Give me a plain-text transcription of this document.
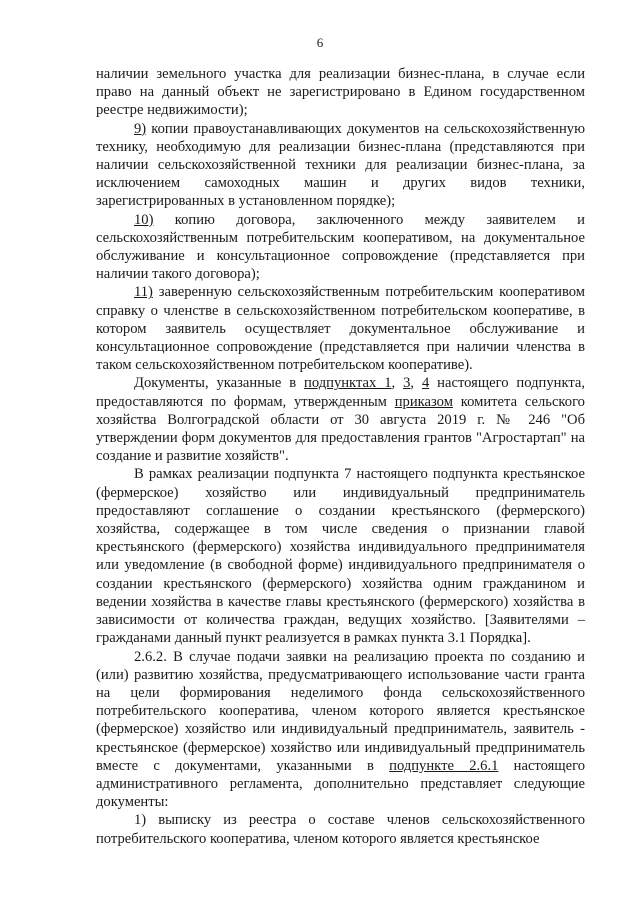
6

наличии земельного участка для реализации бизнес-плана, в случае если право на данный объект не зарегистрировано в Едином государственном реестре недвижимости);

9) копии правоустанавливающих документов на сельскохозяйственную технику, необходимую для реализации бизнес-плана (представляются при наличии сельскохозяйственной техники для реализации бизнес-плана, за исключением самоходных машин и других видов техники, зарегистрированных в установленном порядке);

10) копию договора, заключенного между заявителем и сельскохозяйственным потребительским кооперативом, на документальное обслуживание и консультационное сопровождение (представляется при наличии такого договора);

11) заверенную сельскохозяйственным потребительским кооперативом справку о членстве в сельскохозяйственном потребительском кооперативе, в котором заявитель осуществляет документальное обслуживание и консультационное сопровождение (представляется при наличии членства в таком сельскохозяйственном потребительском кооперативе).

Документы, указанные в подпунктах 1, 3, 4 настоящего подпункта, предоставляются по формам, утвержденным приказом комитета сельского хозяйства Волгоградской области от 30 августа 2019 г. № 246 "Об утверждении форм документов для предоставления грантов "Агростартап" на создание и развитие хозяйств".

В рамках реализации подпункта 7 настоящего подпункта крестьянское (фермерское) хозяйство или индивидуальный предприниматель предоставляют соглашение о создании крестьянского (фермерского) хозяйства, содержащее в том числе сведения о признании главой крестьянского (фермерского) хозяйства индивидуального предпринимателя или уведомление (в свободной форме) индивидуального предпринимателя о создании крестьянского (фермерского) хозяйства одним гражданином и ведении хозяйства в качестве главы крестьянского (фермерского) хозяйства в зависимости от количества граждан, ведущих хозяйство. [Заявителями – гражданами данный пункт реализуется в рамках пункта 3.1 Порядка].

2.6.2. В случае подачи заявки на реализацию проекта по созданию и (или) развитию хозяйства, предусматривающего использование части гранта на цели формирования неделимого фонда сельскохозяйственного потребительского кооператива, членом которого является крестьянское (фермерское) хозяйство или индивидуальный предприниматель, заявитель - крестьянское (фермерское) хозяйство или индивидуальный предприниматель вместе с документами, указанными в подпункте 2.6.1 настоящего административного регламента, дополнительно представляет следующие документы:

1) выписку из реестра о составе членов сельскохозяйственного потребительского кооператива, членом которого является крестьянское
